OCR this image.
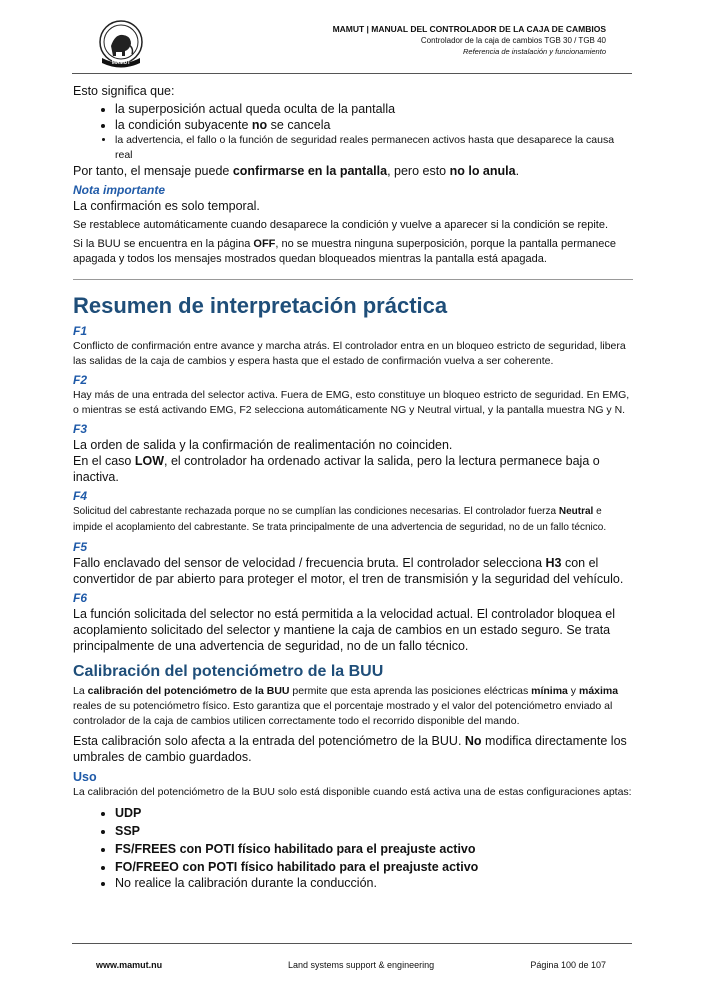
MAMUT
MAMUT | MANUAL DEL CONTROLADOR DE LA CAJA DE CAMBIOS
Controlador de la caja de cambios TGB 30 / TGB 40
Referencia de instalación y funcionamiento

Esto significa que:

• la superposición actual queda oculta de la pantalla
• la condición subyacente no se cancela
• la advertencia, el fallo o la función de seguridad reales permanecen activos hasta que desaparece la causa real

Por tanto, el mensaje puede confirmarse en la pantalla, pero esto no lo anula.

Nota importante

La confirmación es solo temporal.

Se restablece automáticamente cuando desaparece la condición y vuelve a aparecer si la condición se repite.

Si la BUU se encuentra en la página OFF, no se muestra ninguna superposición, porque la pantalla permanece apagada y todos los mensajes mostrados quedan bloqueados mientras la pantalla está apagada.

Resumen de interpretación práctica

F1

Conflicto de confirmación entre avance y marcha atrás. El controlador entra en un bloqueo estricto de seguridad, libera las salidas de la caja de cambios y espera hasta que el estado de confirmación vuelva a ser coherente.

F2

Hay más de una entrada del selector activa. Fuera de EMG, esto constituye un bloqueo estricto de seguridad. En EMG, o mientras se está activando EMG, F2 selecciona automáticamente NG y Neutral virtual, y la pantalla muestra NG y N.

F3

La orden de salida y la confirmación de realimentación no coinciden.

En el caso LOW, el controlador ha ordenado activar la salida, pero la lectura permanece baja o inactiva.

F4

Solicitud del cabrestante rechazada porque no se cumplían las condiciones necesarias. El controlador fuerza Neutral e impide el acoplamiento del cabrestante. Se trata principalmente de una advertencia de seguridad, no de un fallo técnico.

F5

Fallo enclavado del sensor de velocidad / frecuencia bruta. El controlador selecciona H3 con el convertidor de par abierto para proteger el motor, el tren de transmisión y la seguridad del vehículo.

F6

La función solicitada del selector no está permitida a la velocidad actual. El controlador bloquea el acoplamiento solicitado del selector y mantiene la caja de cambios en un estado seguro. Se trata principalmente de una advertencia de seguridad, no de un fallo técnico.

Calibración del potenciómetro de la BUU

La calibración del potenciómetro de la BUU permite que esta aprenda las posiciones eléctricas mínima y máxima reales de su potenciómetro físico. Esto garantiza que el porcentaje mostrado y el valor del potenciómetro enviado al controlador de la caja de cambios utilicen correctamente todo el recorrido disponible del mando.

Esta calibración solo afecta a la entrada del potenciómetro de la BUU. No modifica directamente los umbrales de cambio guardados.

Uso

La calibración del potenciómetro de la BUU solo está disponible cuando está activa una de estas configuraciones aptas:

• UDP
• SSP
• FS/FREES con POTI físico habilitado para el preajuste activo
• FO/FREEO con POTI físico habilitado para el preajuste activo
• No realice la calibración durante la conducción.
www.mamut.nu	Land systems support & engineering	Página 100 de 107
